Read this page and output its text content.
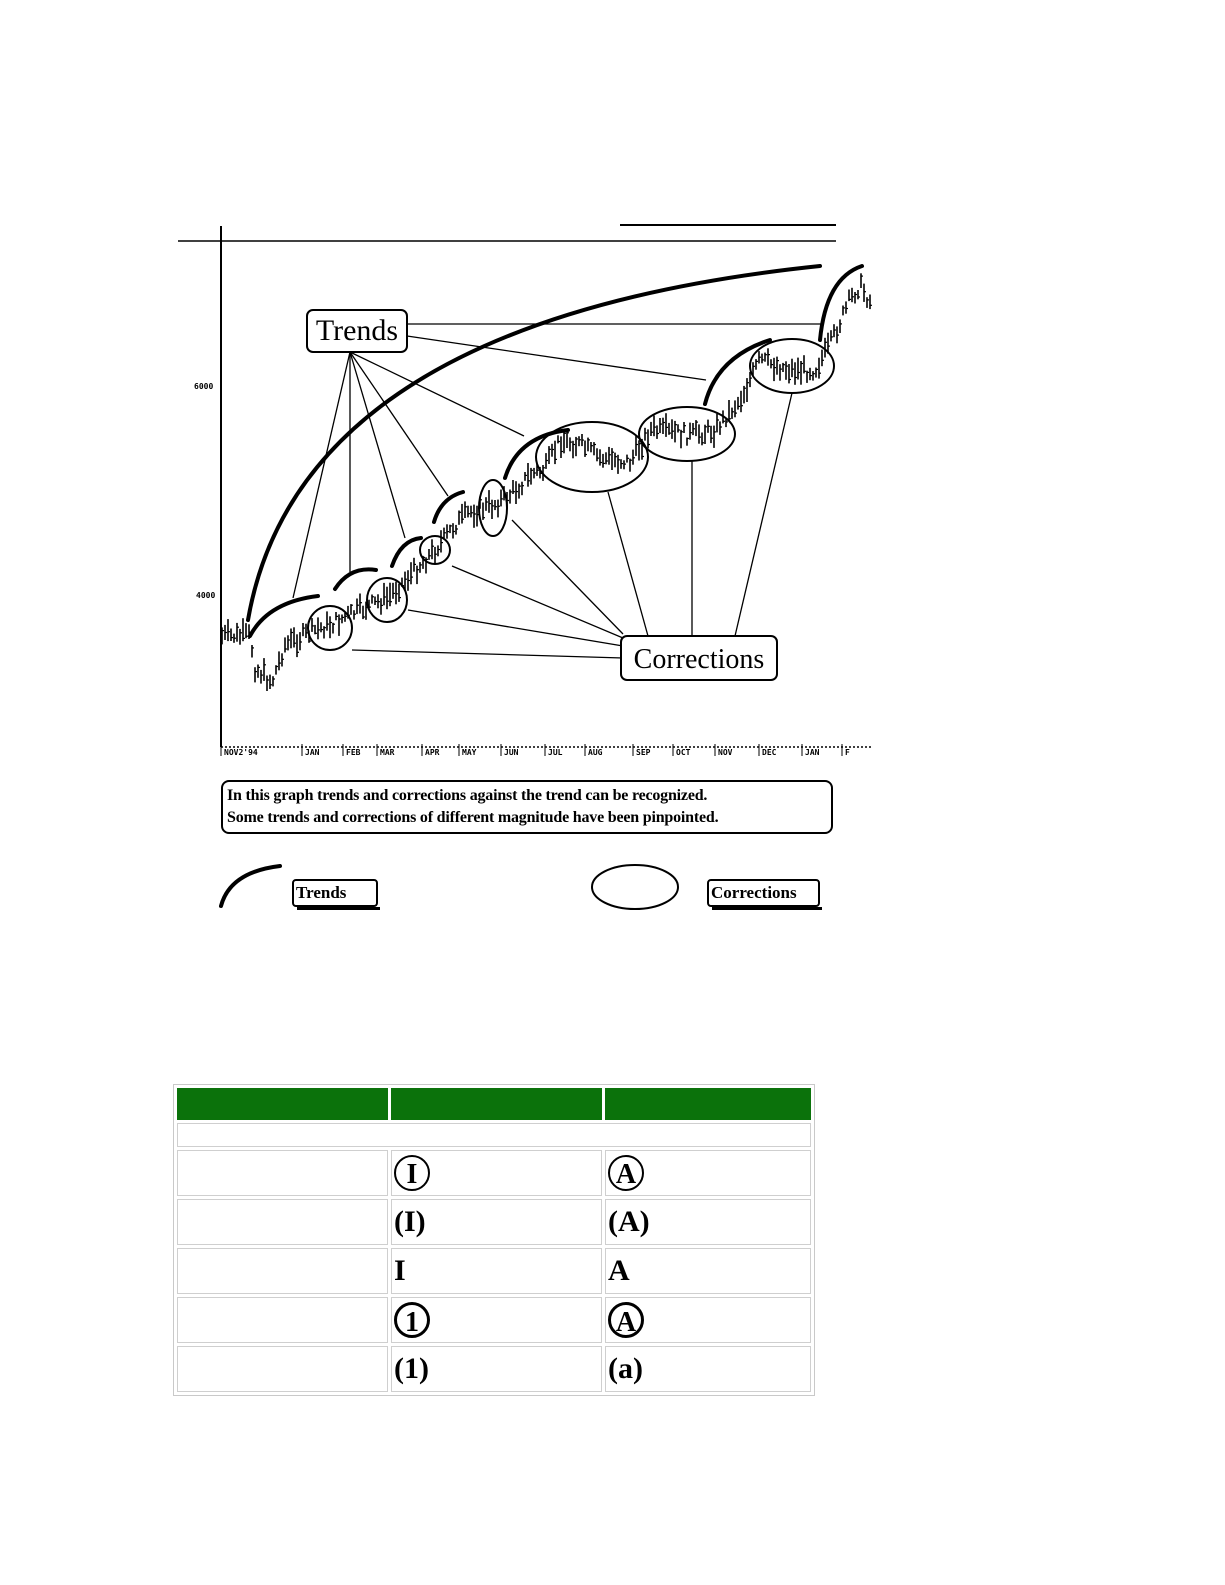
Trends
Corrections
6000
4000
NOV2'94	JAN	FEB MAR	APR	MAY	JUN	JUL	AUG	SEP	OCT	NOV	DEC	JAN	F
In this graph trends and corrections against the trend can be recognized.
Some trends and corrections of different magnitude have been pinpointed.
Trends	Corrections

	I	A
	(I)	(A)
	I	A
	1	A
	(1)	(a)
